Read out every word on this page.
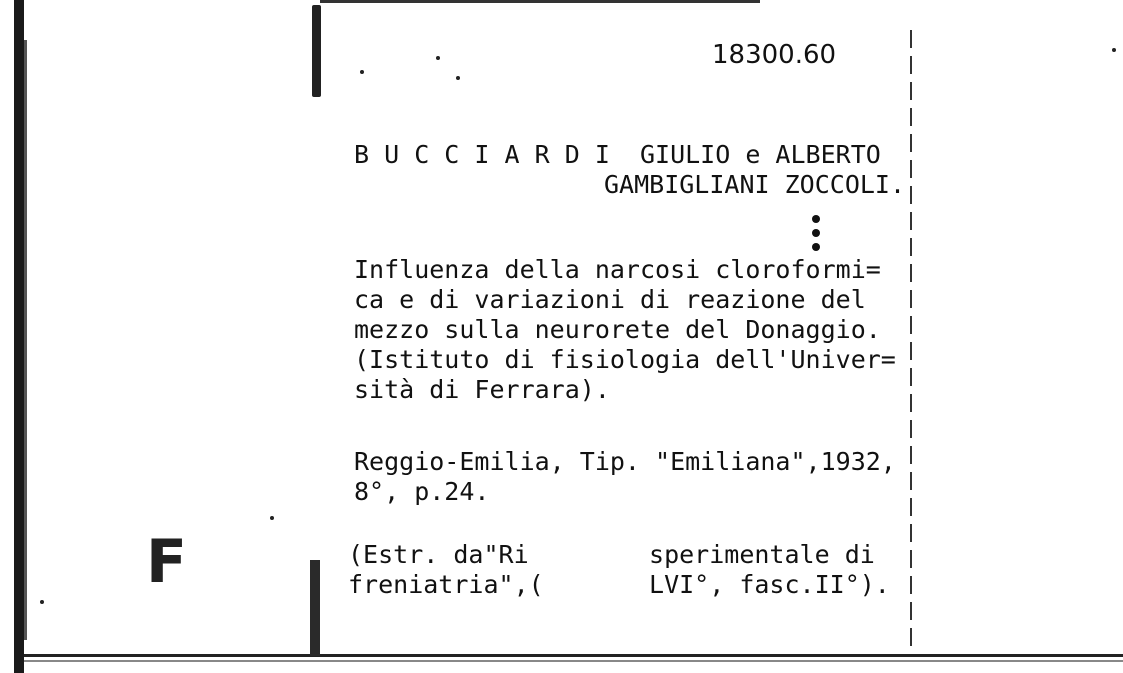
18300.60
B U C C I A R D I  GIULIO e ALBERTO
GAMBIGLIANI ZOCCOLI.
Influenza della narcosi cloroformi=
ca e di variazioni di reazione del
mezzo sulla neurorete del Donaggio.
(Istituto di fisiologia dell'Univer=
sità di Ferrara).
Reggio-Emilia, Tip. "Emiliana",1932,
8°, p.24.
(Estr. da"Ri        sperimentale di
freniatria",(       LVI°, fasc.II°).
F
